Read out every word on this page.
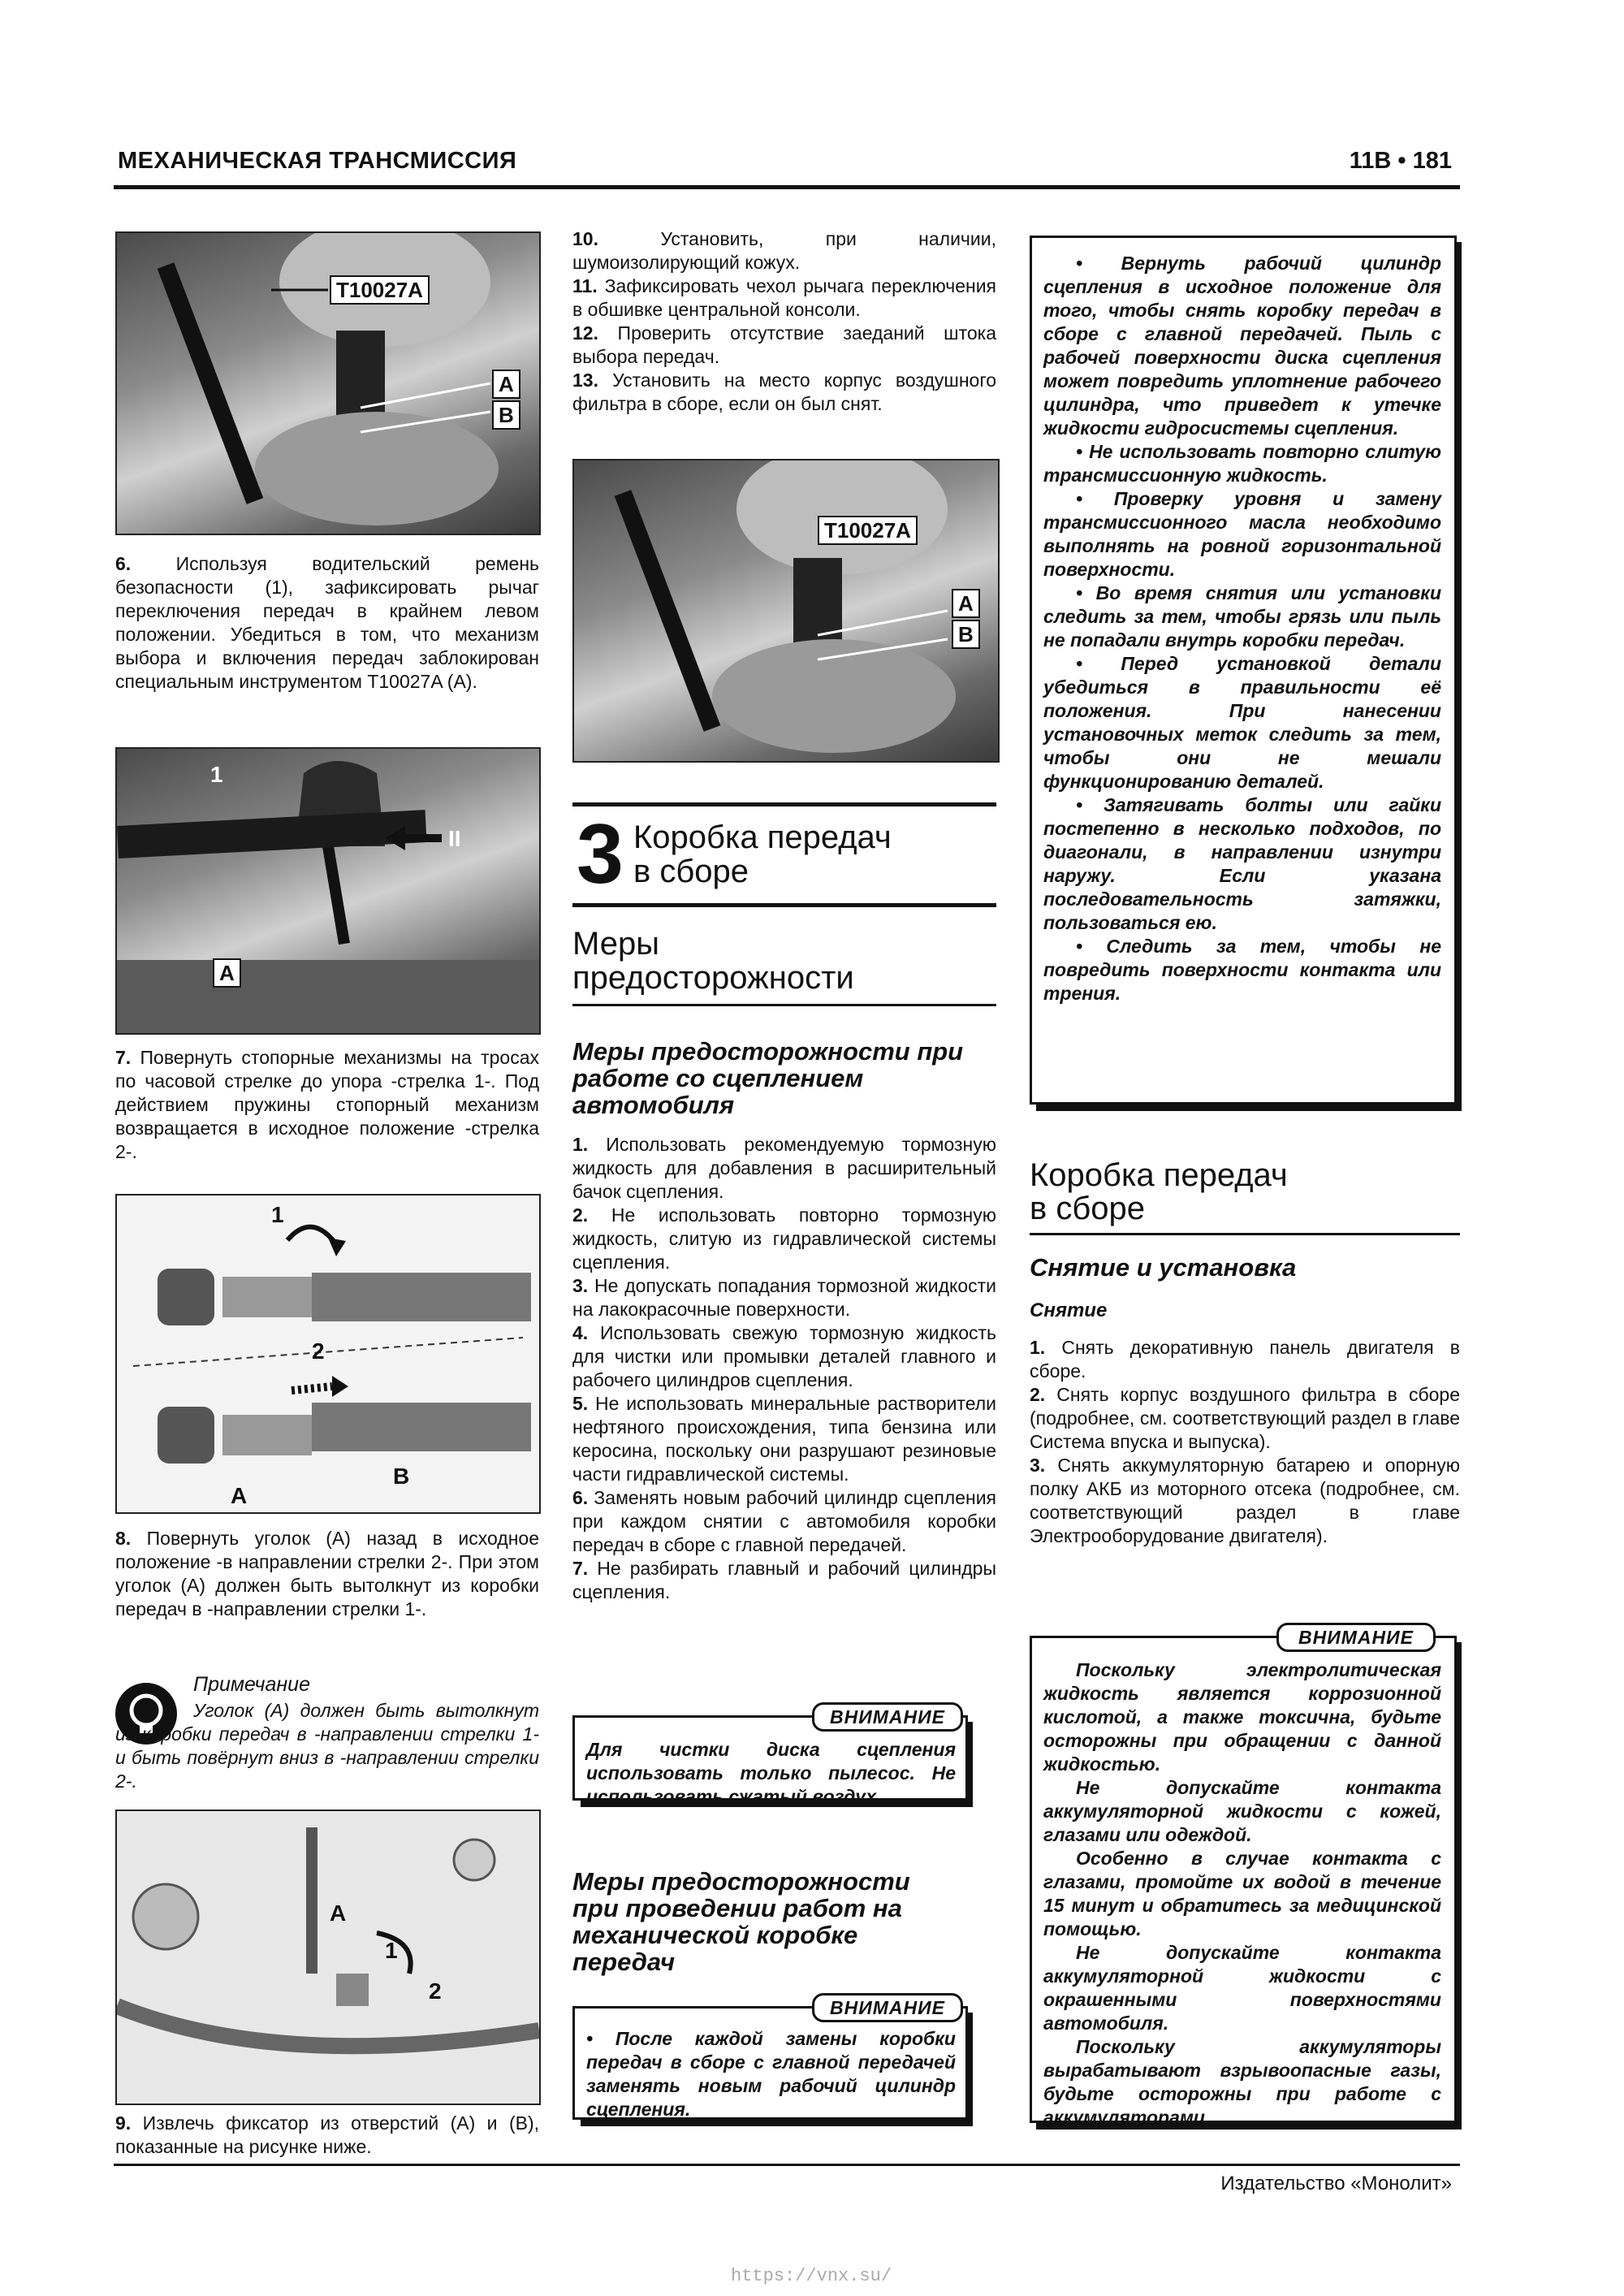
МЕХАНИЧЕСКАЯ ТРАНСМИССИЯ	11В • 181
T10027A
A
B

6. Используя водительский ремень безопасности (1), зафиксировать рычаг переключения передач в крайнем левом положении. Убедиться в том, что механизм выбора и включения передач заблокирован специальным инструментом T10027A (A).

1
II
A

7. Повернуть стопорные механизмы на тросах по часовой стрелке до упора -стрелка 1-. Под действием пружины стопорный механизм возвращается в исходное положение -стрелка 2-.

1
2
A
B

8. Повернуть уголок (A) назад в исходное положение -в направлении стрелки 2-. При этом уголок (A) должен быть вытолкнут из коробки передач в -направлении стрелки 1-.

Примечание
Уголок (A) должен быть вытолкнут из коробки передач в -направлении стрелки 1- и быть повёрнут вниз в -направлении стрелки 2-.
A
1
2

9. Извлечь фиксатор из отверстий (A) и (B), показанные на рисунке ниже.

10.	Установить, при наличии, шумоизолирующий кожух.

11. Зафиксировать чехол рычага переключения в обшивке центральной консоли.

12. Проверить отсутствие заеданий штока выбора передач.

13. Установить на место корпус воздушного фильтра в сборе, если он был снят.

T10027A
A
B
3 Коробка передач
в сборе
Меры
предосторожности
Меры предосторожности при работе со сцеплением автомобиля

1. Использовать рекомендуемую тормозную жидкость для добавления в расширительный бачок сцепления.

2. Не использовать повторно тормозную жидкость, слитую из гидравлической системы сцепления.

3. Не допускать попадания тормозной жидкости на лакокрасочные поверхности.

4. Использовать свежую тормозную жидкость для чистки или промывки деталей главного и рабочего цилиндров сцепления.

5. Не использовать минеральные растворители нефтяного происхождения, типа бензина или керосина, поскольку они разрушают резиновые части гидравлической системы.

6. Заменять новым рабочий цилиндр сцепления при каждом снятии с автомобиля коробки передач в сборе с главной передачей.

7. Не разбирать главный и рабочий цилиндры сцепления.

ВНИМАНИЕ
Для чистки диска сцепления использовать только пылесос. Не использовать сжатый воздух.
Меры предосторожности при проведении работ на механической коробке передач
ВНИМАНИЕ
• После каждой замены коробки передач в сборе с главной передачей заменять новым рабочий цилиндр сцепления.

• Вернуть рабочий цилиндр сцепления в исходное положение для того, чтобы снять коробку передач в сборе с главной передачей. Пыль с рабочей поверхности диска сцепления может повредить уплотнение рабочего цилиндра, что приведет к утечке жидкости гидросистемы сцепления.

• Не использовать повторно слитую трансмиссионную жидкость.

• Проверку уровня и замену трансмиссионного масла необходимо выполнять на ровной горизонтальной поверхности.

• Во время снятия или установки следить за тем, чтобы грязь или пыль не попадали внутрь коробки передач.

• Перед установкой детали убедиться в правильности её положения. При нанесении установочных меток следить за тем, чтобы они не мешали функционированию деталей.

• Затягивать болты или гайки постепенно в несколько подходов, по диагонали, в направлении изнутри наружу. Если указана последовательность затяжки, пользоваться ею.

• Следить за тем, чтобы не повредить поверхности контакта или трения.

Коробка передач
в сборе
Снятие и установка
Снятие

1. Снять декоративную панель двигателя в сборе.

2. Снять корпус воздушного фильтра в сборе (подробнее, см. соответствующий раздел в главе Система впуска и выпуска).

3. Снять аккумуляторную батарею и опорную полку АКБ из моторного отсека (подробнее, см. соответствующий раздел в главе Электрооборудование двигателя).

ВНИМАНИЕ

Поскольку электролитическая жидкость является коррозионной кислотой, а также токсична, будьте осторожны при обращении с данной жидкостью.

Не допускайте контакта аккумуляторной жидкости с кожей, глазами или одеждой.

Особенно в случае контакта с глазами, промойте их водой в течение 15 минут и обратитесь за медицинской помощью.

Не допускайте контакта аккумуляторной жидкости с окрашенными поверхностями автомобиля.

Поскольку аккумуляторы вырабатывают взрывоопасные газы, будьте осторожны при работе с аккумуляторами.

Издательство «Монолит»
https://vnx.su/
